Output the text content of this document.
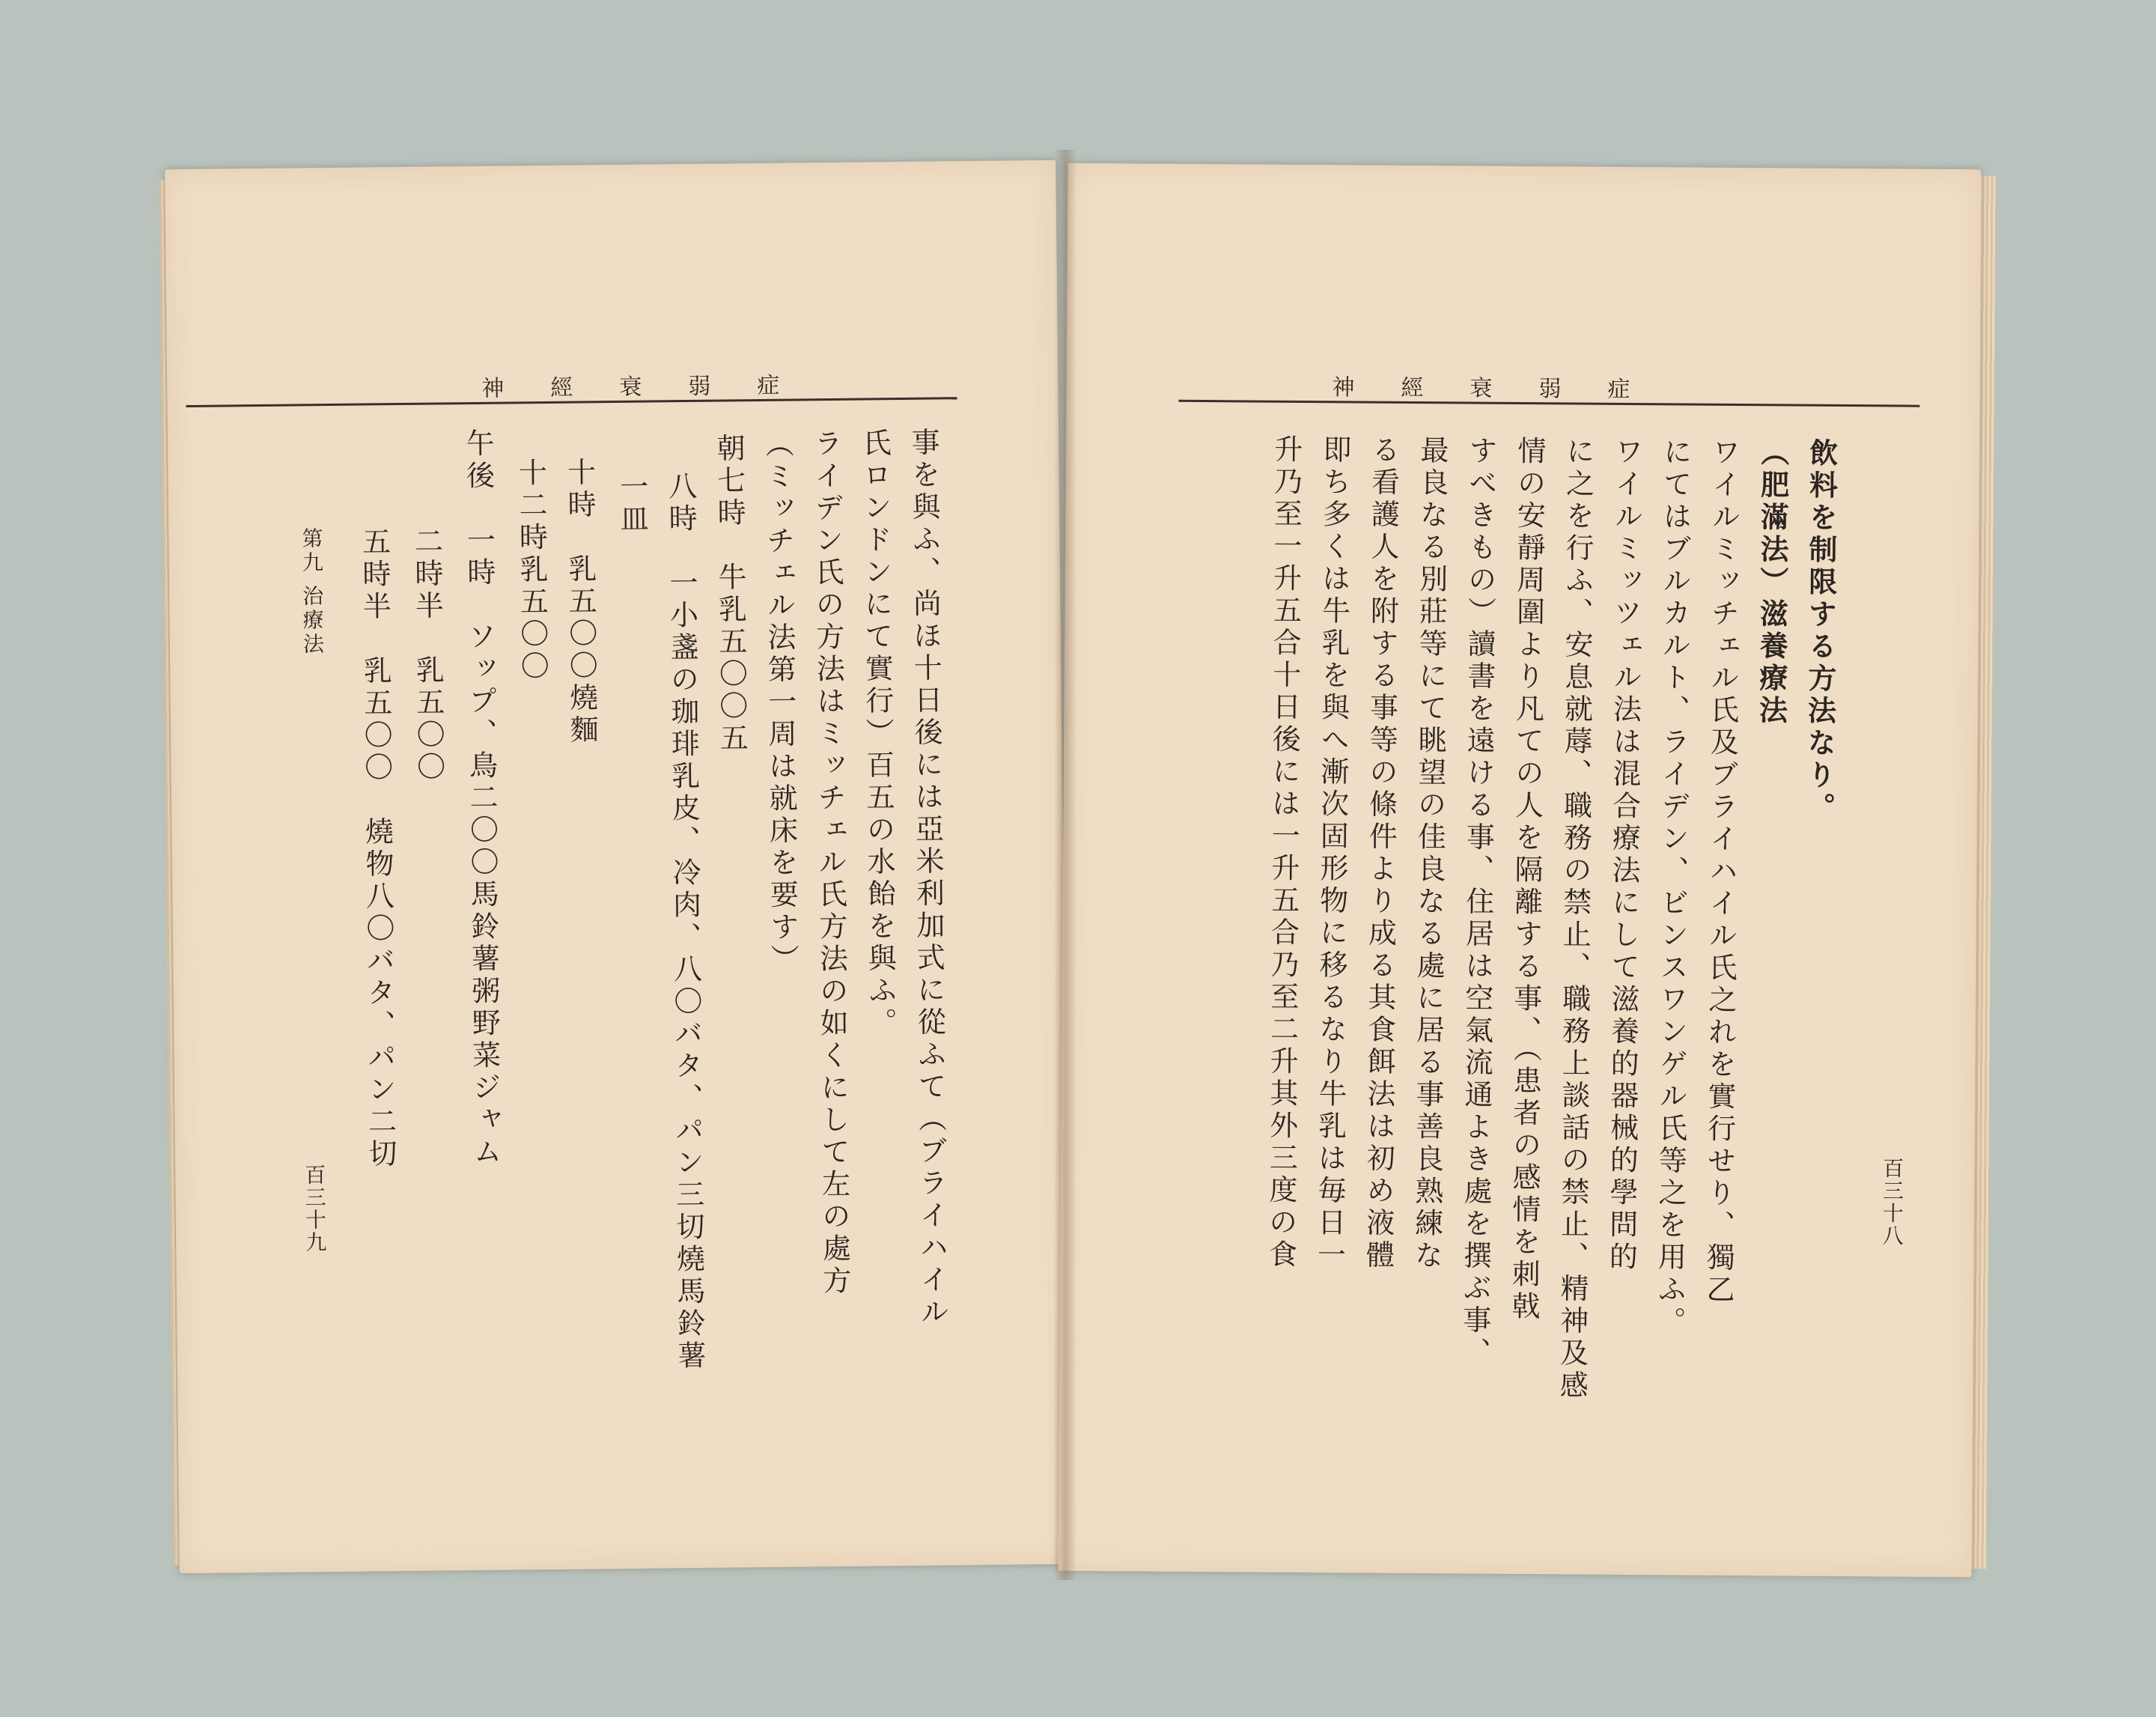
神經衰弱症
事を與ふ、尚ほ十日後には亞米利加式に從ふて（ブライハイル
氏ロンドンにて實行）百五の水飴を與ふ。
ライデン氏の方法はミッチェル氏方法の如くにして左の處方
（ミッチェル法第一周は就床を要す）
朝七時　牛乳五〇〇五
八時　一小盞の珈琲乳皮、冷肉、八〇バタ、パン三切燒馬鈴薯
一皿
十時　乳五〇〇燒麵
十二時乳五〇〇
午後　一時　ソップ、鳥二〇〇馬鈴薯粥野菜ジャム
二時半　乳五〇〇
五時半　乳五〇〇　燒物八〇バタ、パン二切
第九 治療法
百三十九
神經衰弱症
飲料を制限する方法なり。
（肥滿法）滋養療法
ワイルミッチェル氏及ブライハイル氏之れを實行せり、獨乙
にてはブルカルト、ライデン、ビンスワンゲル氏等之を用ふ。
ワイルミッツェル法は混合療法にして滋養的器械的學問的
に之を行ふ、安息就蓐、職務の禁止、職務上談話の禁止、精神及感
情の安靜周圍より凡ての人を隔離する事、（患者の感情を刺戟
すべきもの）讀書を遠ける事、住居は空氣流通よき處を撰ぶ事、
最良なる別莊等にて眺望の佳良なる處に居る事善良熟練な
る看護人を附する事等の條件より成る其食餌法は初め液體
即ち多くは牛乳を與へ漸次固形物に移るなり牛乳は毎日一
升乃至一升五合十日後には一升五合乃至二升其外三度の食	百三十八
